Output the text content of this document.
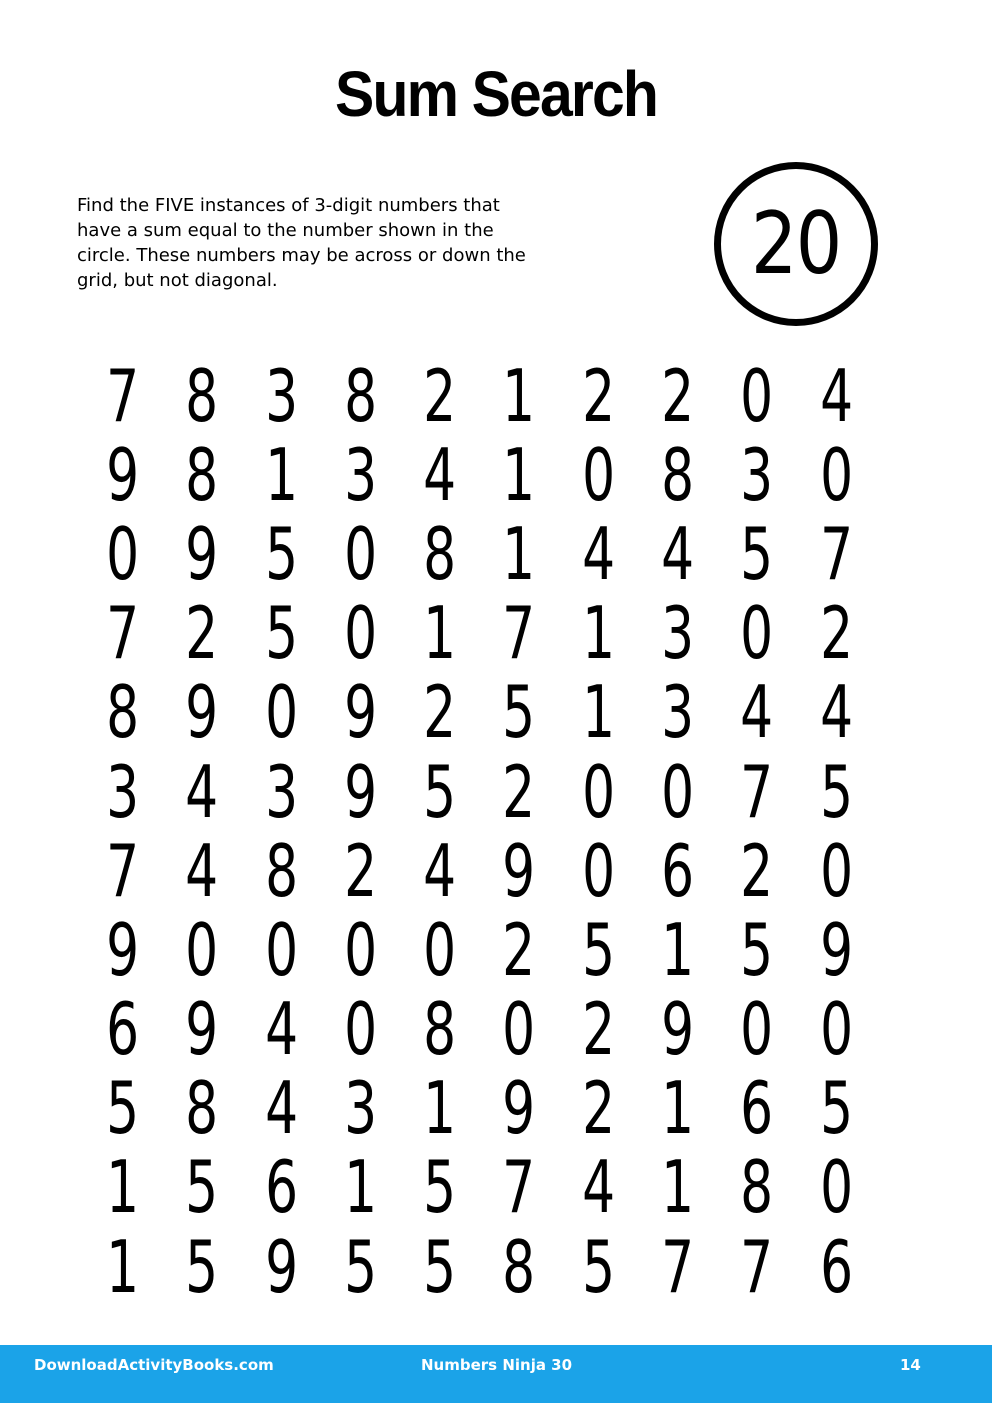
Sum Search
Find the FIVE instances of 3-digit numbers that have a sum equal to the number shown in the circle. These numbers may be across or down the grid, but not diagonal.	20
7 8 3 8 2 1 2 2 0 4
9 8 1 3 4 1 0 8 3 0
0 9 5 0 8 1 4 4 5 7
7 2 5 0 1 7 1 3 0 2
8 9 0 9 2 5 1 3 4 4
3 4 3 9 5 2 0 0 7 5
7 4 8 2 4 9 0 6 2 0
9 0 0 0 0 2 5 1 5 9
6 9 4 0 8 0 2 9 0 0
5 8 4 3 1 9 2 1 6 5
1 5 6 1 5 7 4 1 8 0
1 5 9 5 5 8 5 7 7 6
DownloadActivityBooks.com	Numbers Ninja 30	14
